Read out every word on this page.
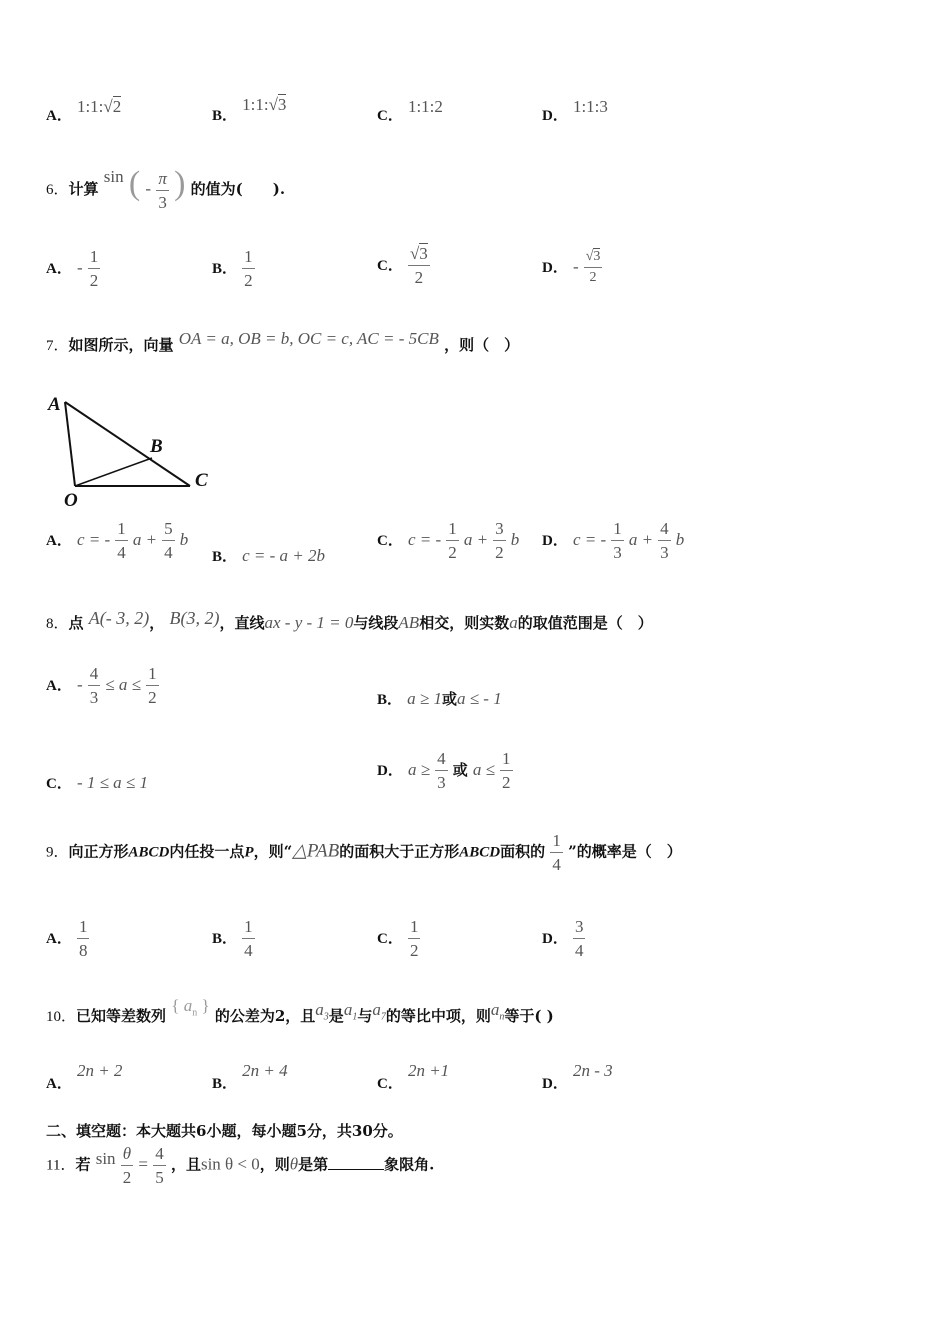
A． 1:1:√2	B． 1:1:√3
C． 1:1:2	D． 1:1:3
6．计算 sin ( - $\frac{\pi}{3}$ ) 的值为(　　).
A． - $\frac{1}{2}$	B． $\frac{1}{2}$	C． $\frac{√3}{2}$	D． - $\frac{√3}{2}$
7．如图所示，向量 OA = a, OB = b, OC = c, AC = - 5CB ，则（　）
A
B
C
O
A． c = - $\frac{1}{4}$ $a + \frac{5}{4}$ b
B． c = - a + 2b
C． c = - $\frac{1}{2}$ $a + \frac{3}{2}$ b D． c = - $\frac{1}{3}$ $a + \frac{4}{3}$ b
8．点 A(- 3, 2)， B(3, 2)，直线ax - y - 1 = 0与线段AB相交，则实数a的取值范围是（　）
A． - $\frac{4}{3} \le a \le \frac{1}{2}$	B． a ≥ 1或a ≤ - 1
C． - 1 ≤ a ≤ 1
D． $a \ge \frac{4}{3}$ 或 $a \le \frac{1}{2}$
9．向正方形ABCD内任投一点P，则“△PAB的面积大于正方形ABCD面积的 $\frac{1}{4}$ ”的概率是（　）
A． $\frac{1}{8}$	B． $\frac{1}{4}$	C． $\frac{1}{2}$	D． $\frac{3}{4}$
10．已知等差数列 { $a_n$ } 的公差为2，且$a_3$是$a_1$与$a_7$的等比中项，则$a_n$等于( )
A． 2n + 2
B． 2n + 4
C． 2n +1
D． 2n - 3
二、填空题：本大题共6小题，每小题5分，共30分。
11．若 $\sin \frac{\theta}{2} = \frac{4}{5}$ ，且sin θ < 0，则θ是第	象限角.
